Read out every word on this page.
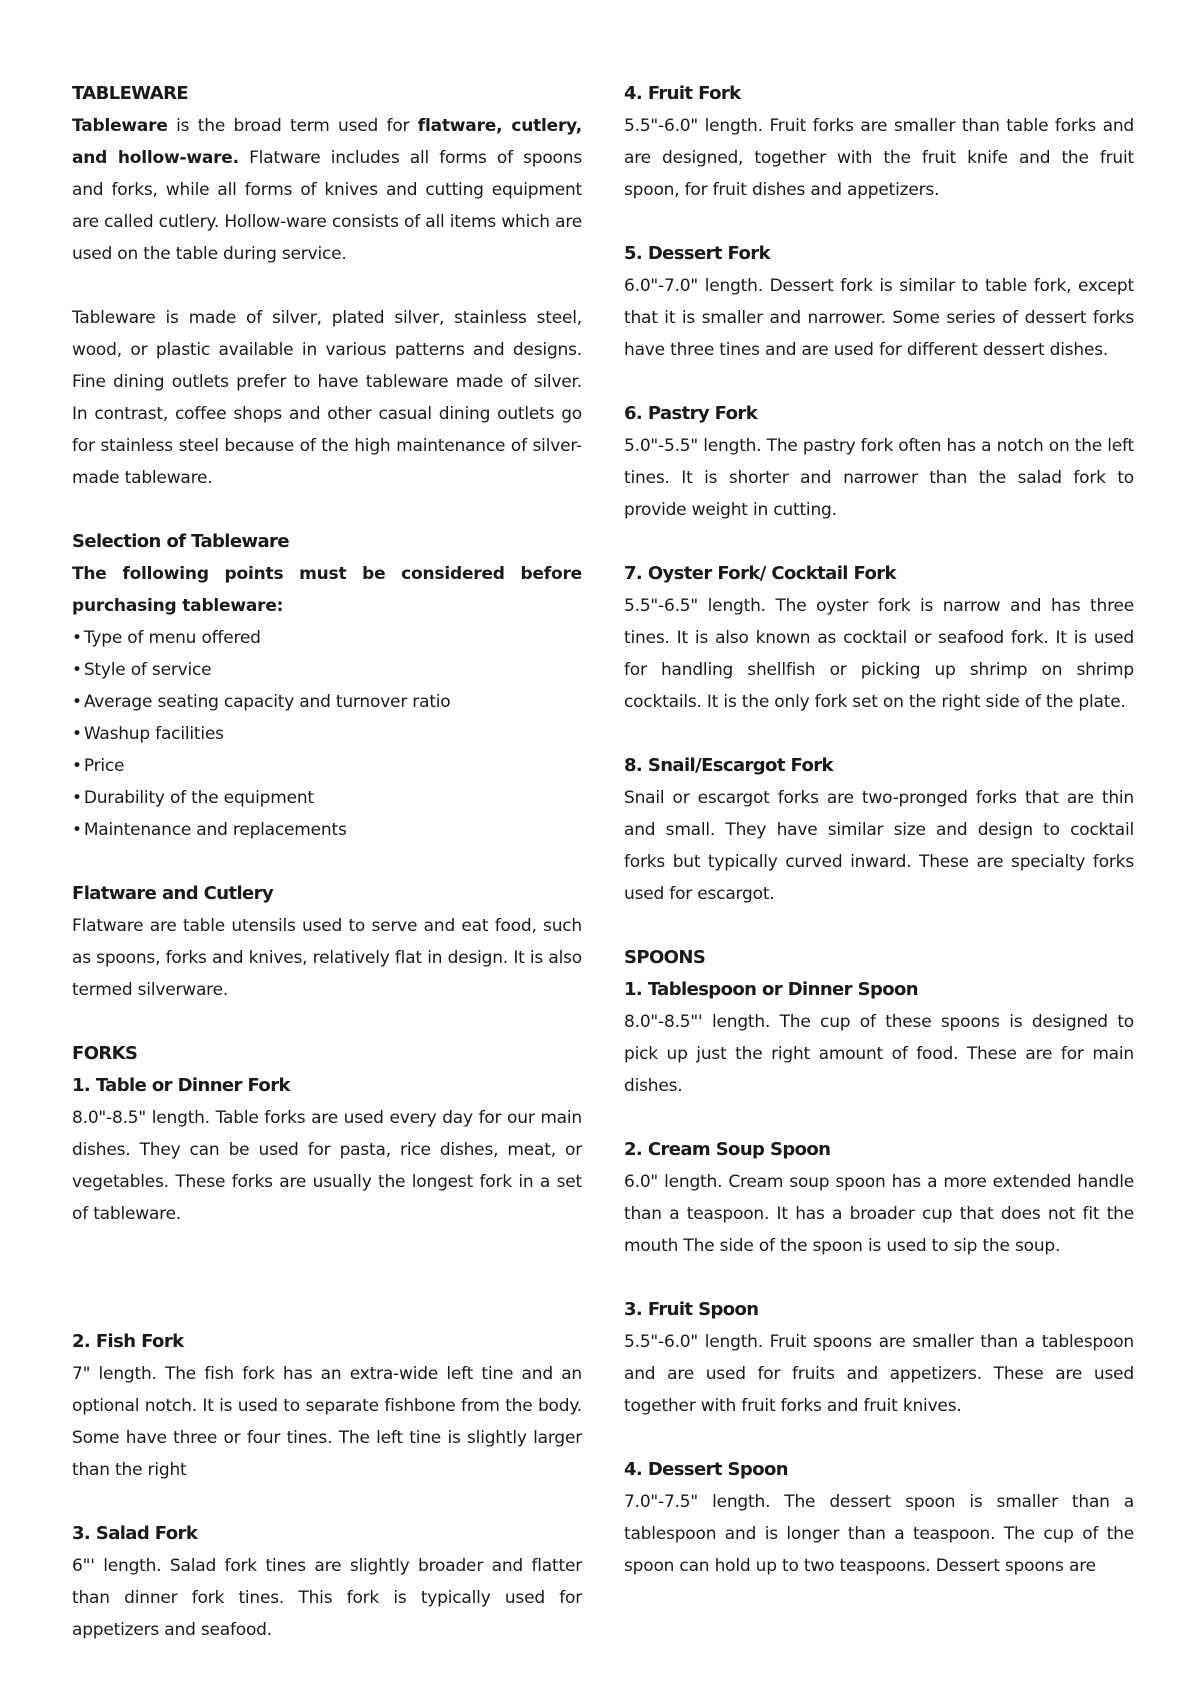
TABLEWARE

Tableware is the broad term used for flatware, cutlery, and hollow-ware. Flatware includes all forms of spoons and forks, while all forms of knives and cutting equipment are called cutlery. Hollow-ware consists of all items which are used on the table during service.

Tableware is made of silver, plated silver, stainless steel, wood, or plastic available in various patterns and designs. Fine dining outlets prefer to have tableware made of silver. In contrast, coffee shops and other casual dining outlets go for stainless steel because of the high maintenance of silver-made tableware.

Selection of Tableware

The following points must be considered before purchasing tableware:

• Type of menu offered
• Style of service
• Average seating capacity and turnover ratio
• Washup facilities
• Price
• Durability of the equipment
• Maintenance and replacements
Flatware and Cutlery

Flatware are table utensils used to serve and eat food, such as spoons, forks and knives, relatively flat in design. It is also termed silverware.

FORKS
1. Table or Dinner Fork

8.0"-8.5" length. Table forks are used every day for our main dishes. They can be used for pasta, rice dishes, meat, or vegetables. These forks are usually the longest fork in a set of tableware.

2. Fish Fork

7" length. The fish fork has an extra-wide left tine and an optional notch. It is used to separate fishbone from the body. Some have three or four tines. The left tine is slightly larger than the right

3. Salad Fork

6"' length. Salad fork tines are slightly broader and flatter than dinner fork tines. This fork is typically used for appetizers and seafood.

4. Fruit Fork

5.5"-6.0" length. Fruit forks are smaller than table forks and are designed, together with the fruit knife and the fruit spoon, for fruit dishes and appetizers.

5. Dessert Fork

6.0"-7.0" length. Dessert fork is similar to table fork, except that it is smaller and narrower. Some series of dessert forks have three tines and are used for different dessert dishes.

6. Pastry Fork

5.0"-5.5" length. The pastry fork often has a notch on the left tines. It is shorter and narrower than the salad fork to provide weight in cutting.

7. Oyster Fork/ Cocktail Fork

5.5"-6.5" length. The oyster fork is narrow and has three tines. It is also known as cocktail or seafood fork. It is used for handling shellfish or picking up shrimp on shrimp cocktails. It is the only fork set on the right side of the plate.

8. Snail/Escargot Fork

Snail or escargot forks are two-pronged forks that are thin and small. They have similar size and design to cocktail forks but typically curved inward. These are specialty forks used for escargot.

SPOONS
1. Tablespoon or Dinner Spoon

8.0"-8.5"' length. The cup of these spoons is designed to pick up just the right amount of food. These are for main dishes.

2. Cream Soup Spoon

6.0" length. Cream soup spoon has a more extended handle than a teaspoon. It has a broader cup that does not fit the mouth The side of the spoon is used to sip the soup.

3. Fruit Spoon

5.5"-6.0" length. Fruit spoons are smaller than a tablespoon and are used for fruits and appetizers. These are used together with fruit forks and fruit knives.

4. Dessert Spoon

7.0"-7.5" length. The dessert spoon is smaller than a tablespoon and is longer than a teaspoon. The cup of the spoon can hold up to two teaspoons. Dessert spoons are
